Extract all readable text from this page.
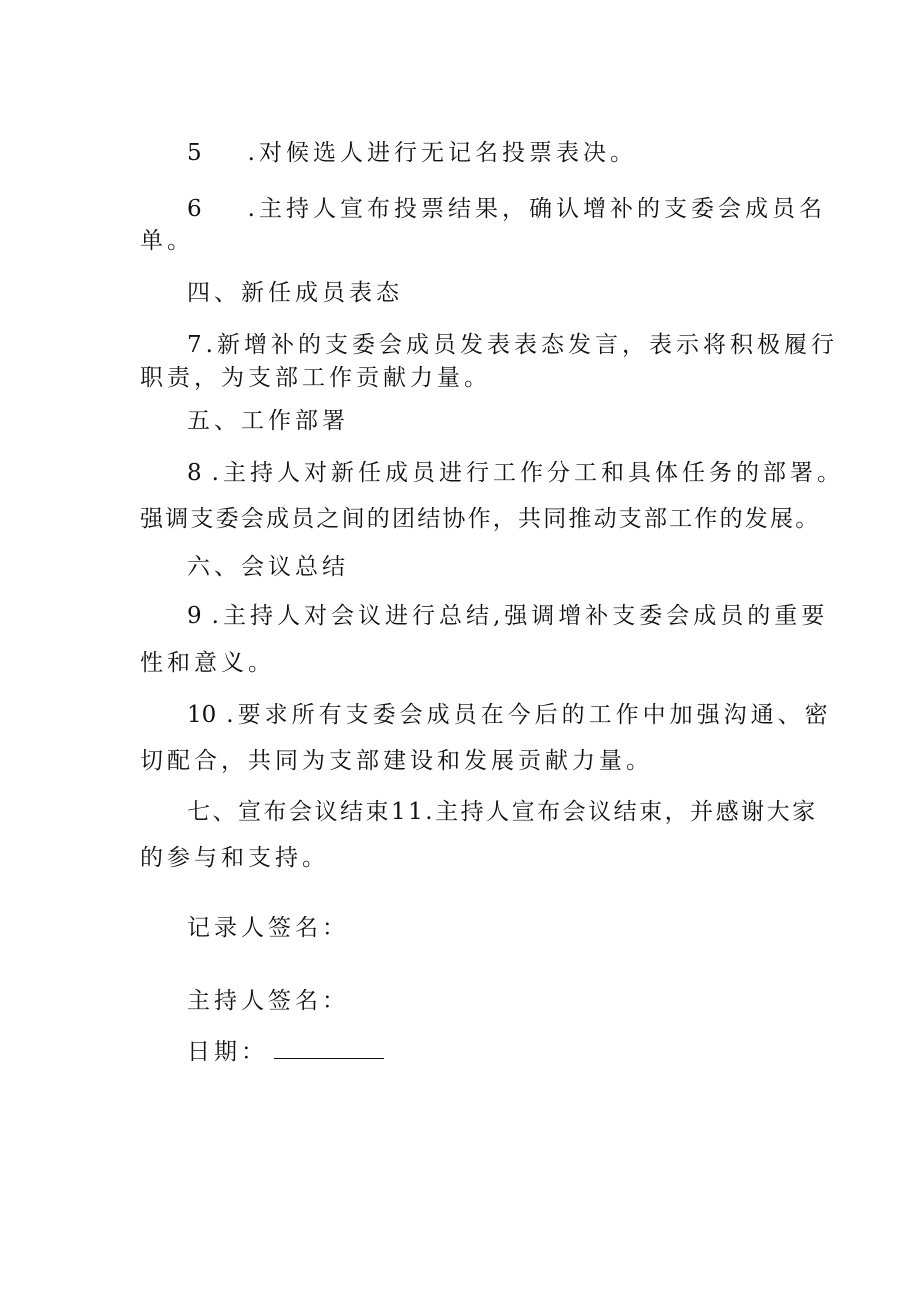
5 .对候选人进行无记名投票表决。
6 .主持人宣布投票结果，确认增补的支委会成员名
单。
四、新任成员表态
7.新增补的支委会成员发表表态发言，表示将积极履行
职责，为支部工作贡献力量。
五、工作部署
8 .主持人对新任成员进行工作分工和具体任务的部署。
强调支委会成员之间的团结协作，共同推动支部工作的发展。
六、会议总结
9 .主持人对会议进行总结,强调增补支委会成员的重要
性和意义。
10 .要求所有支委会成员在今后的工作中加强沟通、密
切配合，共同为支部建设和发展贡献力量。
七、宣布会议结束11.主持人宣布会议结束，并感谢大家
的参与和支持。
记录人签名：
主持人签名：
日期：
